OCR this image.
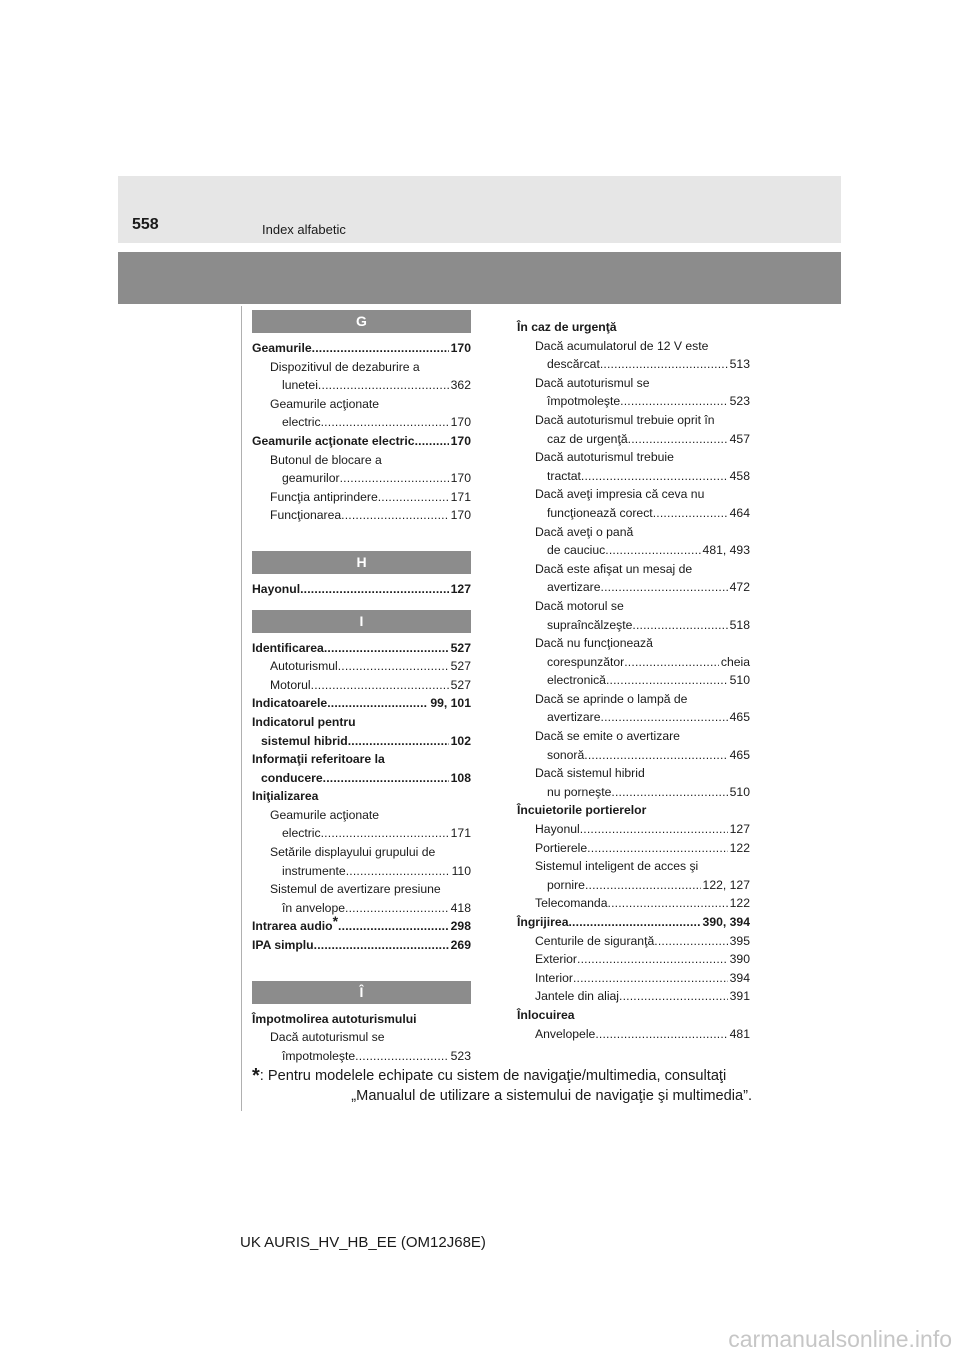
558	Index alfabetic
G
Geamurile . . .	170
Dispozitivul de dezaburire a
lunetei . . .	362
Geamurile acţionate
electric . . .	170
Geamurile acţionate electric . . .	170
Butonul de blocare a
geamurilor . . .	170
Funcţia antiprindere . . .	171
Funcţionarea . . .	170
H
Hayonul . . .	127
I
Identificarea . . .	527
Autoturismul . . .	527
Motorul . . .	527
Indicatoarele . . .	99, 101
Indicatorul pentru
sistemul hibrid . . .	102
Informaţii referitoare la
conducere . . .	108
Iniţializarea
Geamurile acţionate
electric . . .	171
Setările displayului grupului de
instrumente . . .	110
Sistemul de avertizare presiune
în anvelope . . .	418
Intrarea audio* . . .	298
IPA simplu . . .	269
Î
Împotmolirea autoturismului
Dacă autoturismul se
împotmoleşte . . .	523
În caz de urgenţă
Dacă acumulatorul de 12 V este
descărcat . . .	513
Dacă autoturismul se
împotmoleşte . . .	523
Dacă autoturismul trebuie oprit în
caz de urgenţă . . .	457
Dacă autoturismul trebuie
tractat . . .	458
Dacă aveţi impresia că ceva nu
funcţionează corect . . .	464
Dacă aveţi o pană
de cauciuc . . .	481, 493
Dacă este afişat un mesaj de
avertizare . . .	472
Dacă motorul se
supraîncălzeşte . . .	518
Dacă nu funcţionează
corespunzător . . .	cheia
electronică . . .	510
Dacă se aprinde o lampă de
avertizare . . .	465
Dacă se emite o avertizare
sonoră . . .	465
Dacă sistemul hibrid
nu porneşte . . .	510
Încuietorile portierelor
Hayonul . . .	127
Portierele . . .	122
Sistemul inteligent de acces şi
pornire . . .	122, 127
Telecomanda . . .	122
Îngrijirea . . .	390, 394
Centurile de siguranţă . . .	395
Exterior . . .	390
Interior . . .	394
Jantele din aliaj . . .	391
Înlocuirea
Anvelopele . . .	481
*: Pentru modelele echipate cu sistem de navigaţie/multimedia, consultaţi
„Manualul de utilizare a sistemului de navigaţie şi multimedia”.
UK AURIS_HV_HB_EE (OM12J68E)
carmanualsonline.info
